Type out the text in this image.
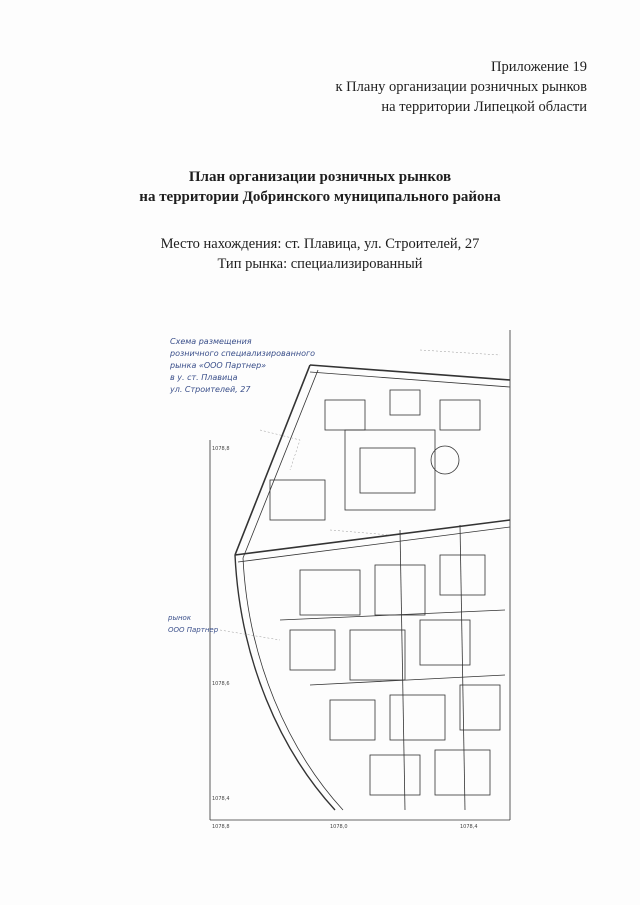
Приложение 19
к Плану организации розничных рынков
на территории Липецкой области
План организации розничных рынков
на территории Добринского муниципального района
Место нахождения: ст. Плавица, ул. Строителей, 27
Тип рынка: специализированный
Схема размещения
розничного специализированного
рынка «ООО Партнер»
в у. ст. Плавица
ул. Строителей, 27
рынок
ООО Партнер
1078,8
1078,6
1078,4
1078,8	1078,0	1078,4
